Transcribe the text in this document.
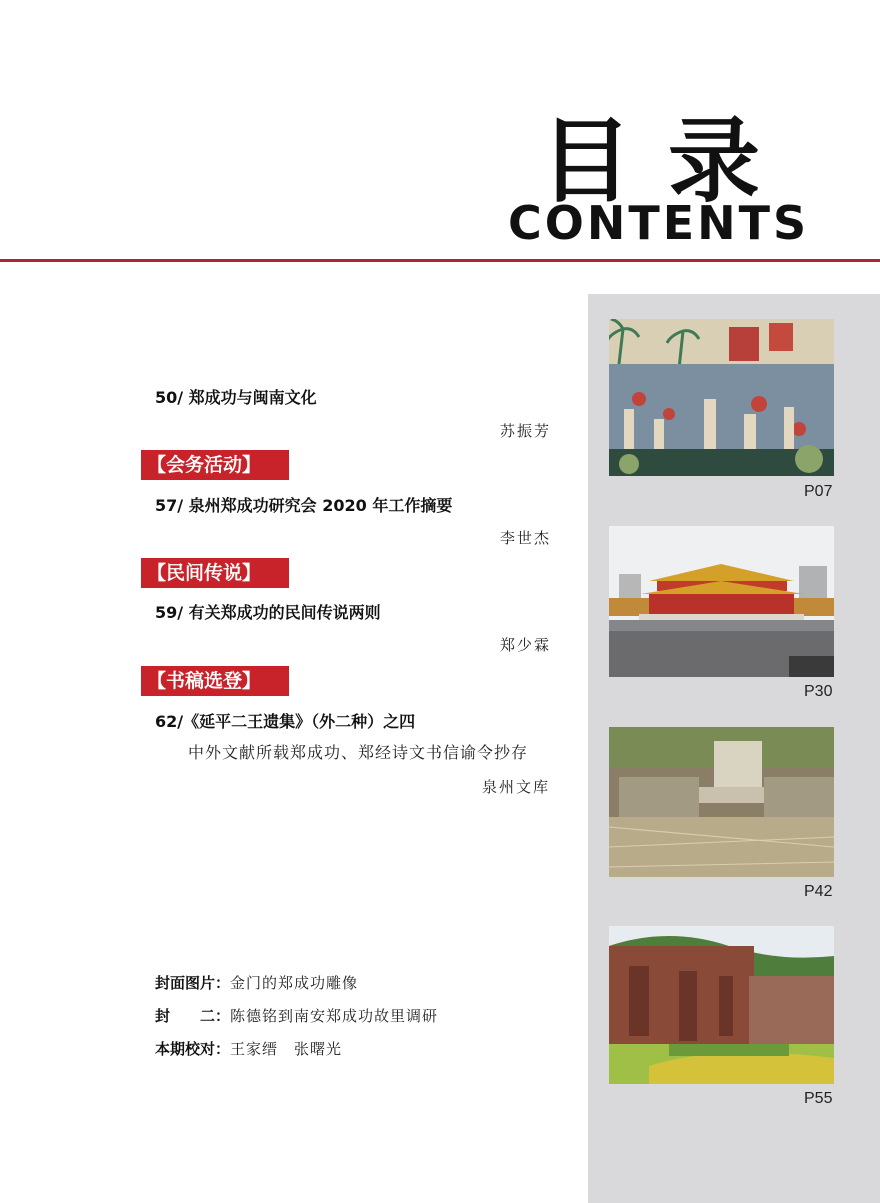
目录
CONTENTS
P07
P30
P42
P55
50/ 郑成功与闽南文化
苏振芳
【会务活动】
57/ 泉州郑成功研究会 2020 年工作摘要
李世杰
【民间传说】
59/ 有关郑成功的民间传说两则
郑少霖
【书稿选登】
62/《延平二王遗集》（外二种）之四
中外文献所载郑成功、郑经诗文书信谕令抄存
泉州文库
封面图片：金门的郑成功雕像
封　　二：陈德铭到南安郑成功故里调研
本期校对：王家缙　张曙光
